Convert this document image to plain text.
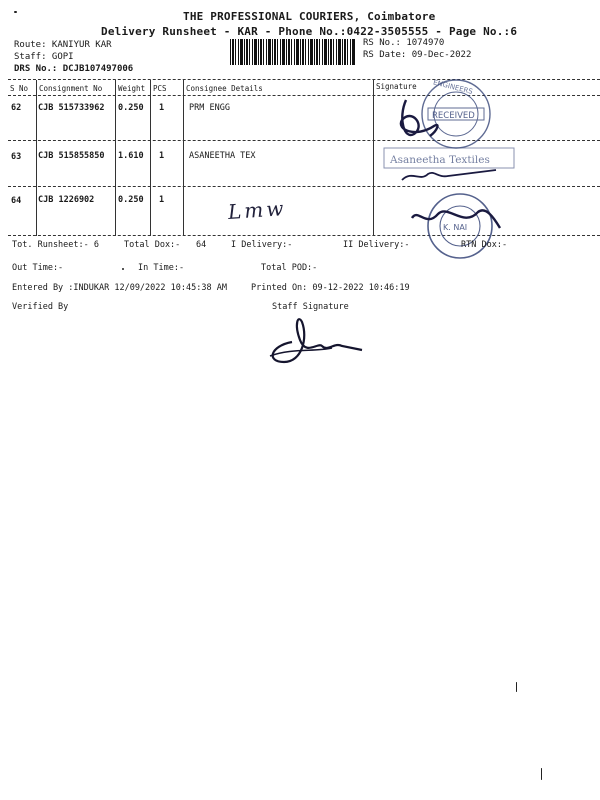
THE PROFESSIONAL COURIERS, Coimbatore
Delivery Runsheet - KAR - Phone No.:0422-3505555 - Page No.:6
Route: KANIYUR KAR
Staff: GOPI
DRS No.: DCJB107497006
RS No.: 1074970
RS Date: 09-Dec-2022
S No Consignment No Weight PCS	Consignee Details	Signature
62 CJB 515733962 0.250 1	PRM ENGG
63 CJB 515855850 1.610 1	ASANEETHA TEX
64 CJB 1226902	0.250 1	Lmw
RECEIVED
ENGINEERS
Asaneetha Textiles
K. NAI
Tot. Runsheet:- 6	Total Dox:- 64	I Delivery:-	II Delivery:-	RTN Dox:-
Out Time:-	In Time:-	Total POD:-
Entered By :INDUKAR 12/09/2022 10:45:38 AM	Printed On: 09-12-2022 10:46:19
Verified By	Staff Signature
